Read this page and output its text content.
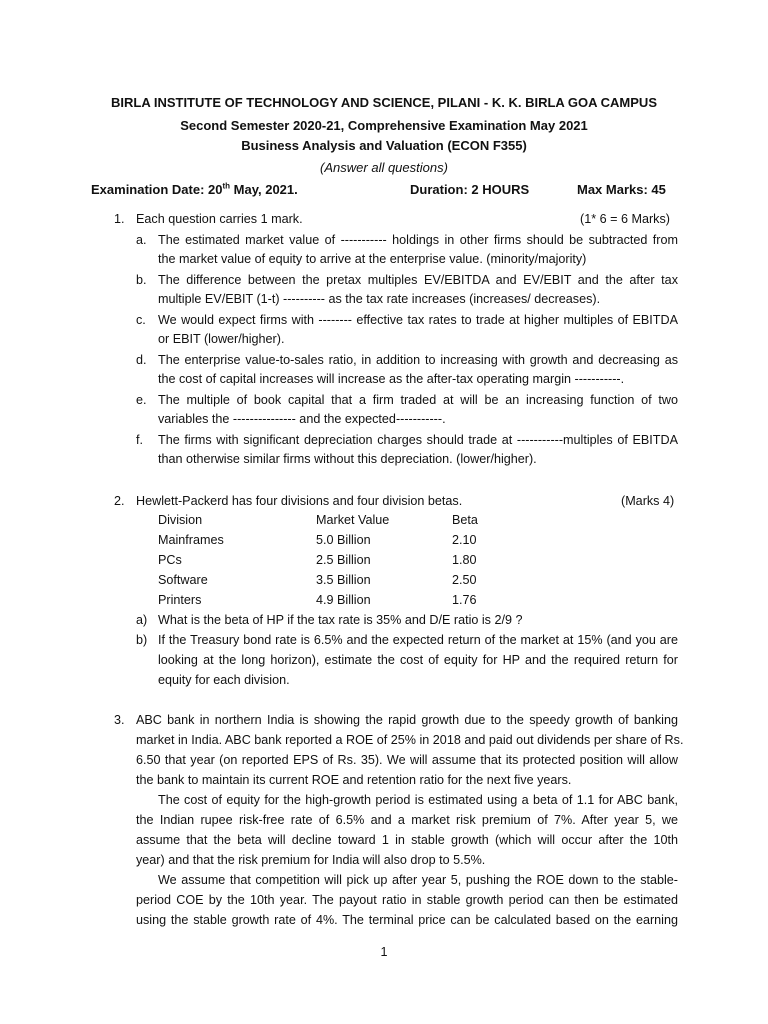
BIRLA INSTITUTE OF TECHNOLOGY AND SCIENCE, PILANI - K. K. BIRLA GOA CAMPUS
Second Semester 2020-21, Comprehensive Examination May 2021
Business Analysis and Valuation (ECON F355)
(Answer all questions)
Examination Date: 20th May, 2021.	Duration: 2 HOURS	Max Marks: 45
1. Each question carries 1 mark.	(1* 6 = 6 Marks)
a. The estimated market value of ----------- holdings in other firms should be subtracted from
the market value of equity to arrive at the enterprise value. (minority/majority)
b. The difference between the pretax multiples EV/EBITDA and EV/EBIT and the after tax
multiple EV/EBIT (1-t) ---------- as the tax rate increases (increases/ decreases).
c. We would expect firms with -------- effective tax rates to trade at higher multiples of EBITDA
or EBIT (lower/higher).
d. The enterprise value-to-sales ratio, in addition to increasing with growth and decreasing as
the cost of capital increases will increase as the after-tax operating margin -----------.
e. The multiple of book capital that a firm traded at will be an increasing function of two
variables the --------------- and the expected-----------.
f. The firms with significant depreciation charges should trade at -----------multiples of EBITDA
than otherwise similar firms without this depreciation. (lower/higher).
2. Hewlett-Packerd has four divisions and four division betas.	(Marks 4)
Division	Market Value	Beta
Mainframes	5.0 Billion	2.10
PCs	2.5 Billion	1.80
Software	3.5 Billion	2.50
Printers	4.9 Billion	1.76
a) What is the beta of HP if the tax rate is 35% and D/E ratio is 2/9 ?
b) If the Treasury bond rate is 6.5% and the expected return of the market at 15% (and you are
looking at the long horizon), estimate the cost of equity for HP and the required return for
equity for each division.
3. ABC bank in northern India is showing the rapid growth due to the speedy growth of banking
market in India. ABC bank reported a ROE of 25% in 2018 and paid out dividends per share of Rs.
6.50 that year (on reported EPS of Rs. 35). We will assume that its protected position will allow
the bank to maintain its current ROE and retention ratio for the next five years.
The cost of equity for the high-growth period is estimated using a beta of 1.1 for ABC bank,
the Indian rupee risk-free rate of 6.5% and a market risk premium of 7%. After year 5, we
assume that the beta will decline toward 1 in stable growth (which will occur after the 10th
year) and that the risk premium for India will also drop to 5.5%.
We assume that competition will pick up after year 5, pushing the ROE down to the stable-
period COE by the 10th year. The payout ratio in stable growth period can then be estimated
using the stable growth rate of 4%. The terminal price can be calculated based on the earning
1
